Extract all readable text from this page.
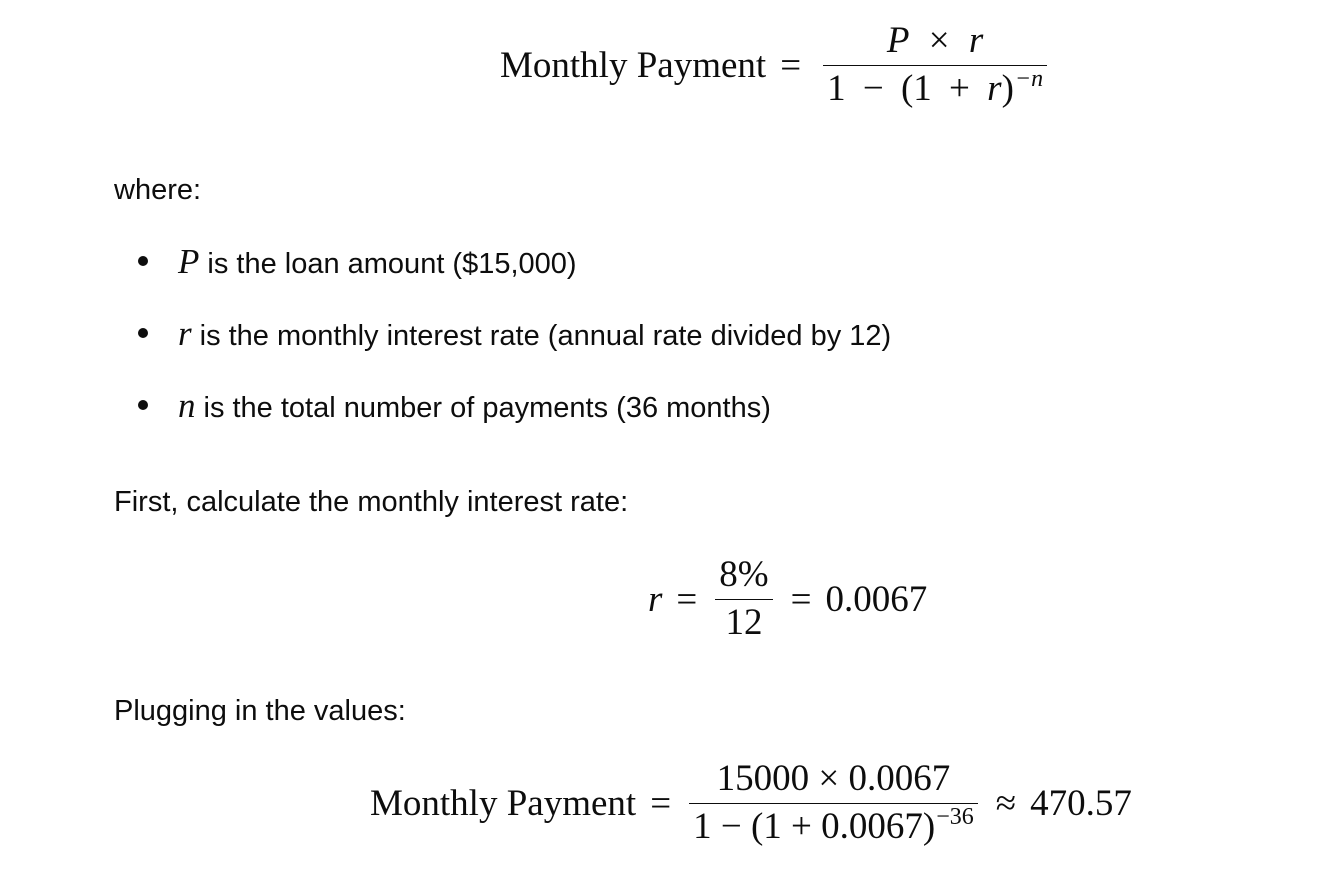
Monthly Payment = $\frac{P \times r}{1 - (1 + r)^{-n}}$
where:
P is the loan amount ($15,000)
r is the monthly interest rate (annual rate divided by 12)
n is the total number of payments (36 months)
First, calculate the monthly interest rate:
$r = \frac{8\%}{12} = 0.0067$
Plugging in the values:
Monthly Payment = $\frac{15000 \times 0.0067}{1 - (1 + 0.0067)^{-36}} \approx 470.57$
